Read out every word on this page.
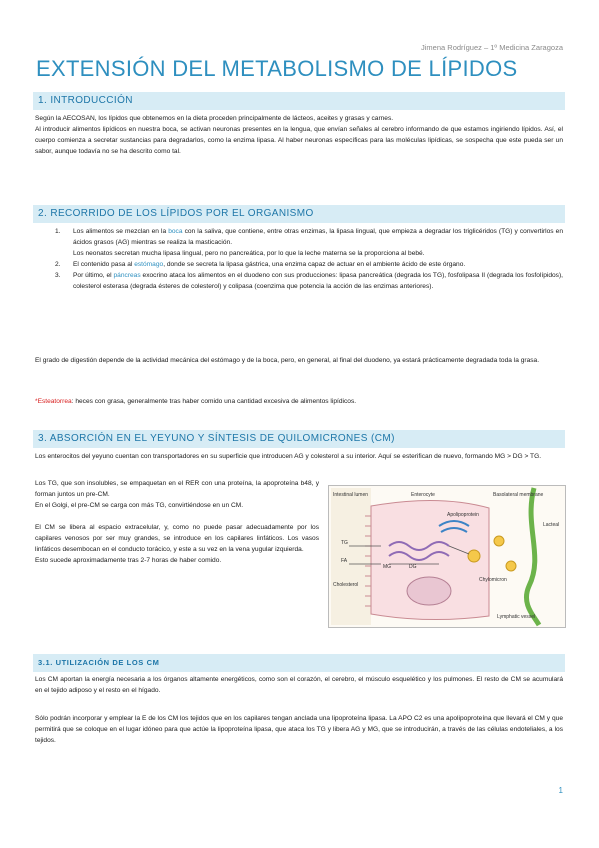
Jimena Rodríguez – 1º Medicina Zaragoza
EXTENSIÓN DEL METABOLISMO DE LÍPIDOS
1. INTRODUCCIÓN
Según la AECOSAN, los lípidos que obtenemos en la dieta proceden principalmente de lácteos, aceites y grasas y carnes.
Al introducir alimentos lipídicos en nuestra boca, se activan neuronas presentes en la lengua, que envían señales al cerebro informando de que estamos ingiriendo lípidos. Así, el cuerpo comienza a secretar sustancias para degradarlos, como la enzima lipasa. Al haber neuronas específicas para las moléculas lipídicas, se sospecha que este pueda ser un sabor, aunque todavía no se ha descrito como tal.
2. RECORRIDO DE LOS LÍPIDOS POR EL ORGANISMO
1. Los alimentos se mezclan en la boca con la saliva, que contiene, entre otras enzimas, la lipasa lingual, que empieza a degradar los triglicéridos (TG) y convertirlos en ácidos grasos (AG) mientras se realiza la masticación.
Los neonatos secretan mucha lipasa lingual, pero no pancreática, por lo que la leche materna se la proporciona al bebé.
2. El contenido pasa al estómago, donde se secreta la lipasa gástrica, una enzima capaz de actuar en el ambiente ácido de este órgano.
3. Por último, el páncreas exocrino ataca los alimentos en el duodeno con sus producciones: lipasa pancreática (degrada los TG), fosfolipasa II (degrada los fosfolípidos), colesterol esterasa (degrada ésteres de colesterol) y colipasa (coenzima que potencia la acción de las enzimas anteriores).
El grado de digestión depende de la actividad mecánica del estómago y de la boca, pero, en general, al final del duodeno, ya estará prácticamente degradada toda la grasa.
*Esteatorrea: heces con grasa, generalmente tras haber comido una cantidad excesiva de alimentos lipídicos.
3. ABSORCIÓN EN EL YEYUNO Y SÍNTESIS DE QUILOMICRONES (CM)
Los enterocitos del yeyuno cuentan con transportadores en su superficie que introducen AG y colesterol a su interior. Aquí se esterifican de nuevo, formando MG > DG > TG.
Los TG, que son insolubles, se empaquetan en el RER con una proteína, la apoproteína b48, y forman juntos un pre-CM.
En el Golgi, el pre-CM se carga con más TG, convirtiéndose en un CM.
El CM se libera al espacio extracelular, y, como no puede pasar adecuadamente por los capilares venosos por ser muy grandes, se introduce en los capilares linfáticos. Los vasos linfáticos desembocan en el conducto torácico, y este a su vez en la vena yugular izquierda.
Esto sucede aproximadamente tras 2-7 horas de haber comido.
Intestinal lumen	Enterocyte	Basolateral membrane
TG
MG	DG
FA
Cholesterol
Apolipoprotein
Chylomicron
Lacteal
Lymphatic vessel
3.1. UTILIZACIÓN DE LOS CM
Los CM aportan la energía necesaria a los órganos altamente energéticos, como son el corazón, el cerebro, el músculo esquelético y los pulmones. El resto de CM se acumulará en el tejido adiposo y el resto en el hígado.
Sólo podrán incorporar y emplear la E de los CM los tejidos que en los capilares tengan anclada una lipoproteína lipasa. La APO C2 es una apolipoproteína que llevará el CM y que permitirá que se coloque en el lugar idóneo para que actúe la lipoproteína lipasa, que ataca los TG y libera AG y MG, que se introducirán, a través de las células endoteliales, a los tejidos.
1
